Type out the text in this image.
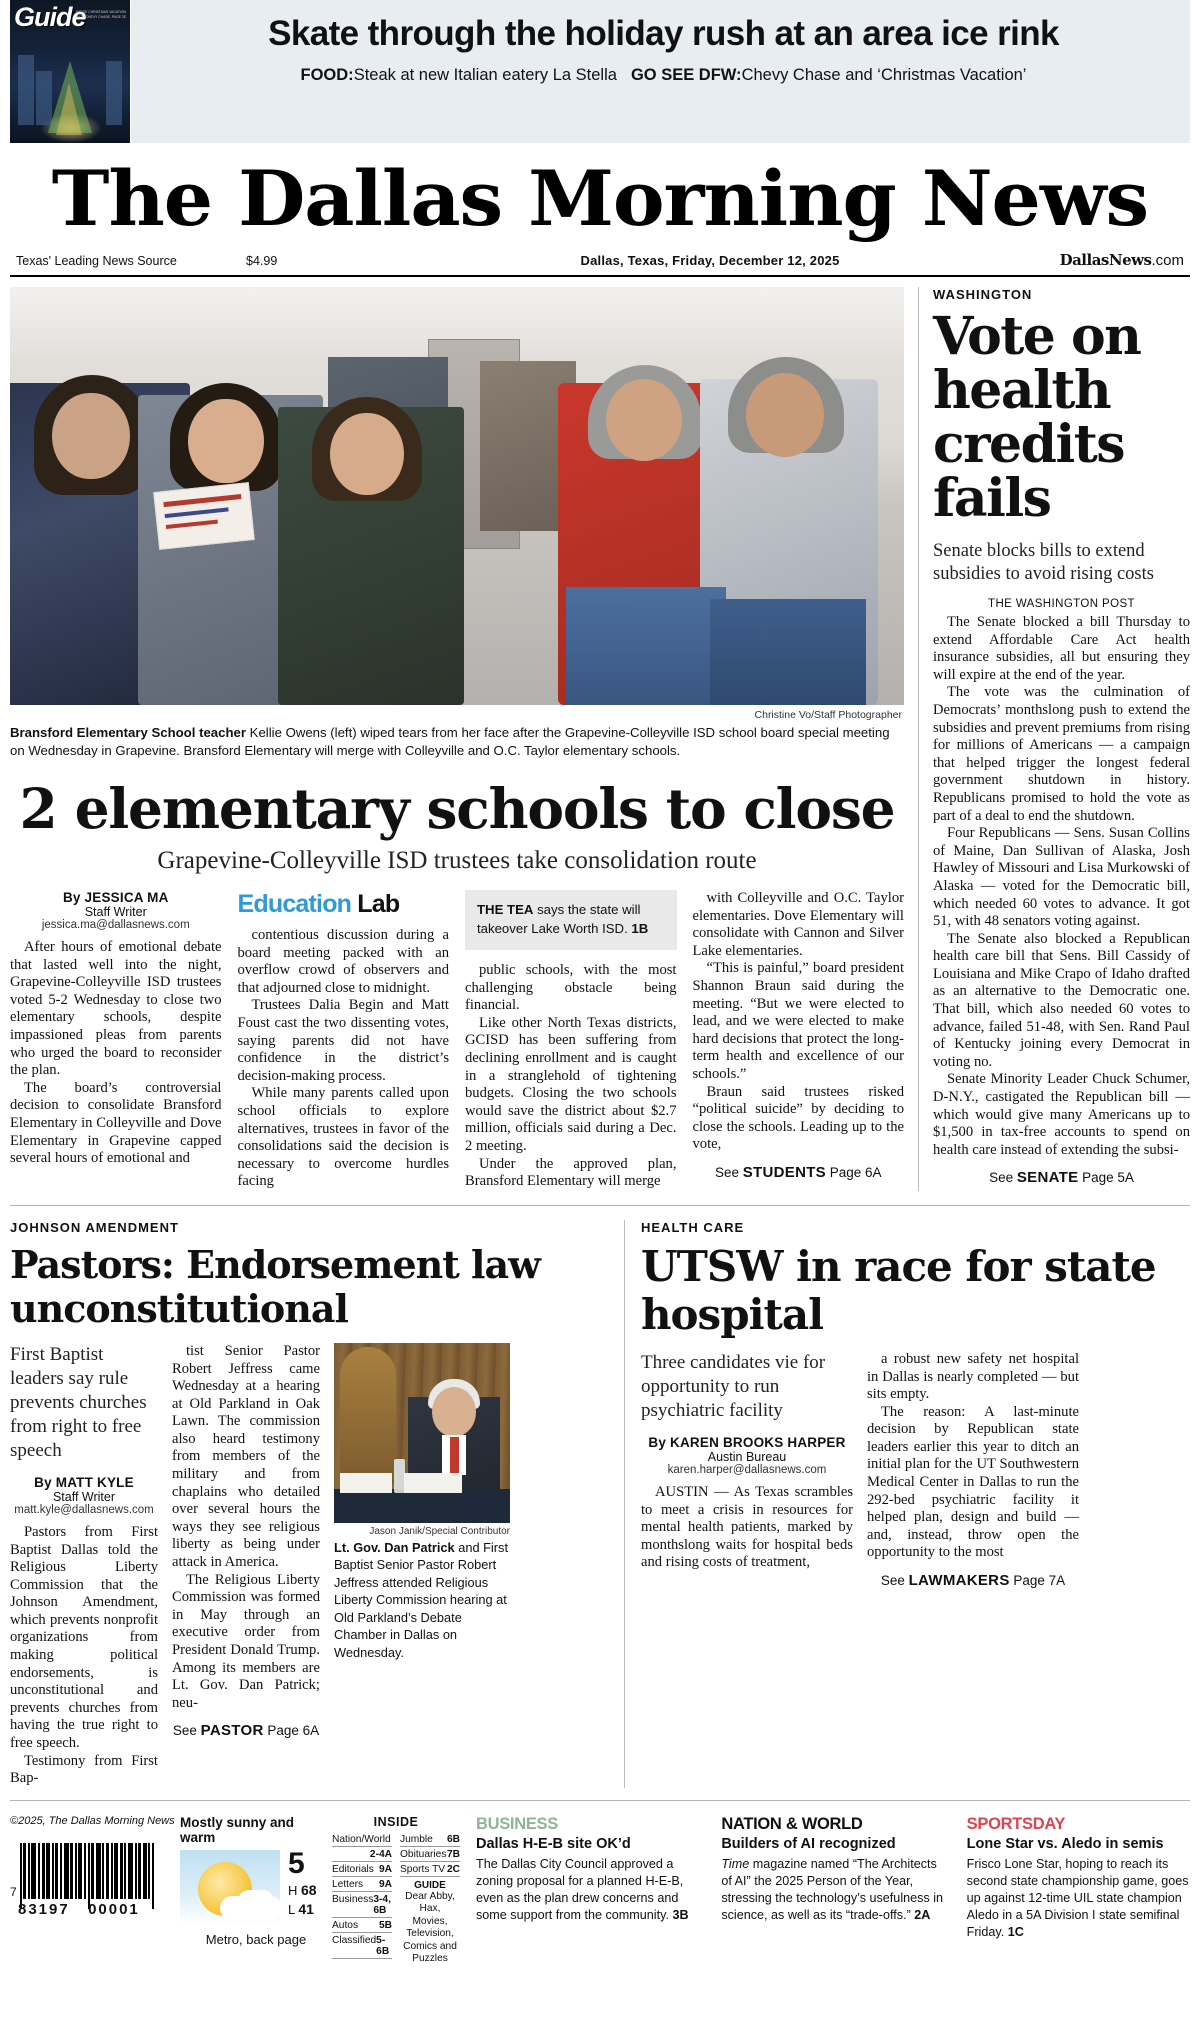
Guide
INSIDE CHRISTMAS VACATION WITH CHEVY CHASE, PAGE 2E	Skate through the holiday rush at an area ice rink
FOOD:Steak at new Italian eatery La Stella GO SEE DFW:Chevy Chase and ‘Christmas Vacation’
The Dallas Morning News
Texas' Leading News Source	$4.99	Dallas, Texas, Friday, December 12, 2025	DallasNews.com
Christine Vo/Staff Photographer
Bransford Elementary School teacher Kellie Owens (left) wiped tears from her face after the Grapevine-Colleyville ISD school board special meeting on Wednesday in Grapevine. Bransford Elementary will merge with Colleyville and O.C. Taylor elementary schools.
2 elementary schools to close
Grapevine-Colleyville ISD trustees take consolidation route
By JESSICA MA
Staff Writer
jessica.ma@dallasnews.com

After hours of emotional debate that lasted well into the night, Grapevine-Colleyville ISD trustees voted 5-2 Wednesday to close two elementary schools, despite impassioned pleas from parents who urged the board to reconsider the plan.

The board’s controversial decision to consolidate Bransford Elementary in Colleyville and Dove Elementary in Grapevine capped several hours of emotional and

Education Lab

contentious discussion during a board meeting packed with an overflow crowd of observers and that adjourned close to midnight.

Trustees Dalia Begin and Matt Foust cast the two dissenting votes, saying parents did not have confidence in the district’s decision-making process.

While many parents called upon school officials to explore alternatives, trustees in favor of the consolidations said the decision is necessary to overcome hurdles facing

THE TEA says the state will takeover Lake Worth ISD. 1B

public schools, with the most challenging obstacle being financial.

Like other North Texas districts, GCISD has been suffering from declining enrollment and is caught in a stranglehold of tightening budgets. Closing the two schools would save the district about $2.7 million, officials said during a Dec. 2 meeting.

Under the approved plan, Bransford Elementary will merge

with Colleyville and O.C. Taylor elementaries. Dove Elementary will consolidate with Cannon and Silver Lake elementaries.

“This is painful,” board president Shannon Braun said during the meeting. “But we were elected to lead, and we were elected to make hard decisions that protect the long-term health and excellence of our schools.”

Braun said trustees risked “political suicide” by deciding to close the schools. Leading up to the vote,

See STUDENTS Page 6A
WASHINGTON
Vote on health credits fails
Senate blocks bills to extend subsidies to avoid rising costs
THE WASHINGTON POST

The Senate blocked a bill Thursday to extend Affordable Care Act health insurance subsidies, all but ensuring they will expire at the end of the year.

The vote was the culmination of Democrats’ monthslong push to extend the subsidies and prevent premiums from rising for millions of Americans — a campaign that helped trigger the longest federal government shutdown in history. Republicans promised to hold the vote as part of a deal to end the shutdown.

Four Republicans — Sens. Susan Collins of Maine, Dan Sullivan of Alaska, Josh Hawley of Missouri and Lisa Murkowski of Alaska — voted for the Democratic bill, which needed 60 votes to advance. It got 51, with 48 senators voting against.

The Senate also blocked a Republican health care bill that Sens. Bill Cassidy of Louisiana and Mike Crapo of Idaho drafted as an alternative to the Democratic one. That bill, which also needed 60 votes to advance, failed 51-48, with Sen. Rand Paul of Kentucky joining every Democrat in voting no.

Senate Minority Leader Chuck Schumer, D-N.Y., castigated the Republican bill — which would give many Americans up to $1,500 in tax-free accounts to spend on health care instead of extending the subsi-

See SENATE Page 5A
JOHNSON AMENDMENT
Pastors: Endorsement law unconstitutional
First Baptist leaders say rule prevents churches from right to free speech
By MATT KYLE
Staff Writer
matt.kyle@dallasnews.com

Pastors from First Baptist Dallas told the Religious Liberty Commission that the Johnson Amendment, which prevents nonprofit organizations from making political endorsements, is unconstitutional and prevents churches from having the true right to free speech.

Testimony from First Bap-

tist Senior Pastor Robert Jeffress came Wednesday at a hearing at Old Parkland in Oak Lawn. The commission also heard testimony from members of the military and from chaplains who detailed over several hours the ways they see religious liberty as being under attack in America.

The Religious Liberty Commission was formed in May through an executive order from President Donald Trump. Among its members are Lt. Gov. Dan Patrick; neu-

See PASTOR Page 6A
Jason Janik/Special Contributor
Lt. Gov. Dan Patrick and First Baptist Senior Pastor Robert Jeffress attended Religious Liberty Commission hearing at Old Parkland’s Debate Chamber in Dallas on Wednesday.
HEALTH CARE
UTSW in race for state hospital
Three candidates vie for opportunity to run psychiatric facility
By KAREN BROOKS HARPER
Austin Bureau
karen.harper@dallasnews.com

AUSTIN — As Texas scrambles to meet a crisis in resources for mental health patients, marked by monthslong waits for hospital beds and rising costs of treatment,

a robust new safety net hospital in Dallas is nearly completed — but sits empty.

The reason: A last-minute decision by Republican state leaders earlier this year to ditch an initial plan for the UT Southwestern Medical Center in Dallas to run the 292-bed psychiatric facility it helped plan, design and build — and, instead, throw open the opportunity to the most

See LAWMAKERS Page 7A
©2025, The Dallas Morning News
7
83197 00001
Mostly sunny and warm
5
H 68
L 41
Metro, back page
INSIDE
Nation/World
2-4A
Editorials 9A
Letters 9A
Business 3-4, 6B
Autos 5B
Classified 5-6B
Jumble 6B
Obituaries 7B
Sports TV 2C
GUIDE
Dear Abby, Hax,
Movies, Television,
Comics and Puzzles
BUSINESS
Dallas H-E-B site OK’d
The Dallas City Council approved a zoning proposal for a planned H-E-B, even as the plan drew concerns and some support from the community. 3B
NATION & WORLD
Builders of AI recognized
Time magazine named “The Architects of AI” the 2025 Person of the Year, stressing the technology’s usefulness in science, as well as its “trade-offs.” 2A
SPORTSDAY
Lone Star vs. Aledo in semis
Frisco Lone Star, hoping to reach its second state championship game, goes up against 12-time UIL state champion Aledo in a 5A Division I state semifinal Friday. 1C
